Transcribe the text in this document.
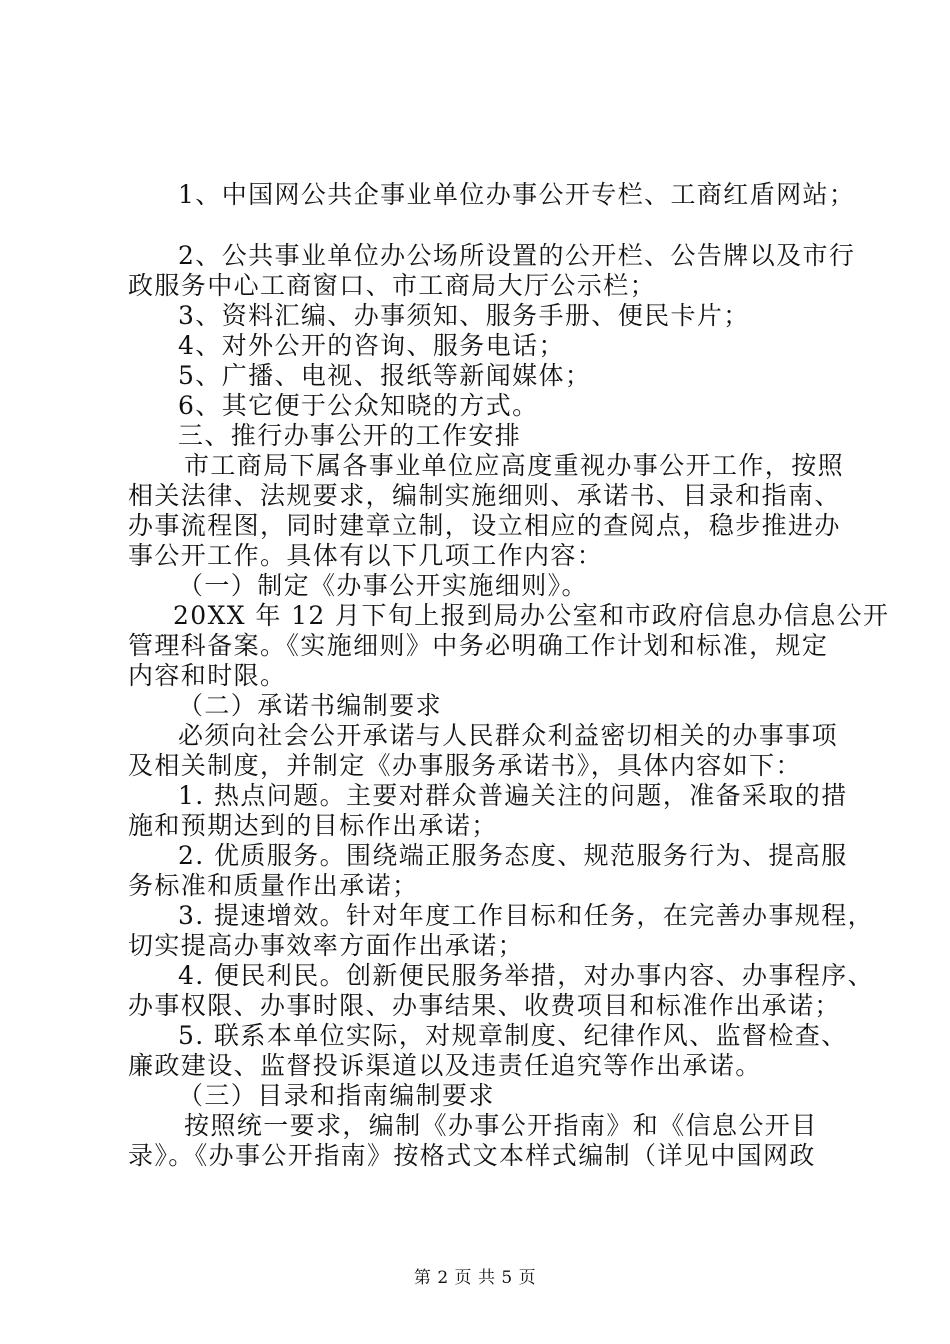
1、中国网公共企事业单位办事公开专栏、工商红盾网站；
2、公共事业单位办公场所设置的公开栏、公告牌以及市行
政服务中心工商窗口、市工商局大厅公示栏；
3、资料汇编、办事须知、服务手册、便民卡片；
4、对外公开的咨询、服务电话；
5、广播、电视、报纸等新闻媒体；
6、其它便于公众知晓的方式。
三、推行办事公开的工作安排
市工商局下属各事业单位应高度重视办事公开工作，按照
相关法律、法规要求，编制实施细则、承诺书、目录和指南、
办事流程图，同时建章立制，设立相应的查阅点，稳步推进办
事公开工作。具体有以下几项工作内容：
（一）制定《办事公开实施细则》。
20XX 年 12 月下旬上报到局办公室和市政府信息办信息公开
管理科备案。《实施细则》中务必明确工作计划和标准，规定
内容和时限。
（二）承诺书编制要求
必须向社会公开承诺与人民群众利益密切相关的办事事项
及相关制度，并制定《办事服务承诺书》，具体内容如下：
1. 热点问题。主要对群众普遍关注的问题，准备采取的措
施和预期达到的目标作出承诺；
2. 优质服务。围绕端正服务态度、规范服务行为、提高服
务标准和质量作出承诺；
3. 提速增效。针对年度工作目标和任务，在完善办事规程，
切实提高办事效率方面作出承诺；
4. 便民利民。创新便民服务举措，对办事内容、办事程序、
办事权限、办事时限、办事结果、收费项目和标准作出承诺；
5. 联系本单位实际，对规章制度、纪律作风、监督检查、
廉政建设、监督投诉渠道以及违责任追究等作出承诺。
（三）目录和指南编制要求
按照统一要求，编制《办事公开指南》和《信息公开目
录》。《办事公开指南》按格式文本样式编制（详见中国网政
第 2 页 共 5 页
